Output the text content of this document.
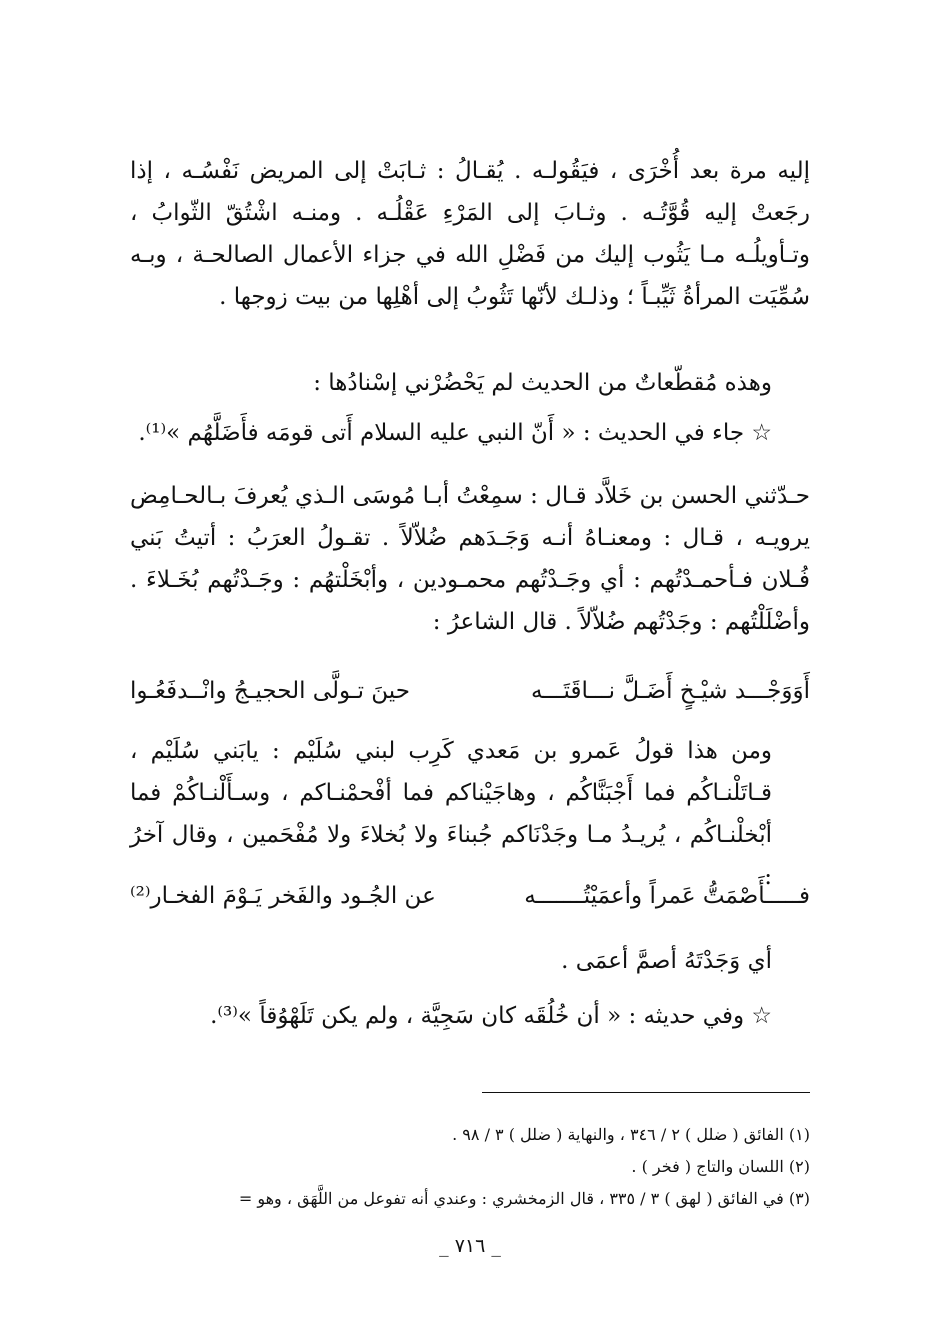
إليه مرة بعد أُخْرَى ، فيَقُولـه . يُقـالُ : ثـابَتْ إلى المريض نَفْسُـه ، إذا رجَعتْ إليه قُوَّتُـه . وثـابَ إلى المَرْءِ عَقْلُـه . ومنـه اشْتُقّ الثّوابُ ، وتـأويلُـه مـا يَثُوب إليك من فَضْلِ الله في جزاء الأعمال الصالحـة ، وبـه سُمِّيَت المرأةُ ثَيِّبـاً ؛ وذلـك لأنّها تَثُوبُ إلى أهْلِها من بيت زوجها .

وهذه مُقطّعاتٌ من الحديث لم يَحْضُرْني إسْنادُها :

☆ جاء في الحديث : « أَنّ النبي عليه السلام أَتى قومَه فأَضَلَّهُم »⁽¹⁾.

حـدّثني الحسن بن خَلاَّد قـال : سمِعْتُ أبـا مُوسَى الـذي يُعرفَ بـالحـامِض يرويـه ، قـال : ومعنـاهُ أنـه وَجَـدَهم ضُلاّلاً . تقـولُ العرَبُ : أتيتُ بَني فُـلان فـأحمـدْتُهم : أي وجَـدْتُهم محمـودين ، وأبْخَلْتهُم : وجَـدْتُهم بُخَـلاءَ . وأضْلَلْتُهم : وجَدْتُهم ضُلاّلاً . قال الشاعرُ :

أَوَوَجْـــد شيْـخٍ أَضَـلَّ نـــاقَتَـــه
حينَ تـولَّى الحجيـجُ وانْــدفَعُـوا

ومن هذا قولُ عَمرو بن مَعدي كَرِب لبني سُلَيْم : يابَني سُلَيْم ، قـاتَلْنـاكُم فما أَجْبَنَّاكُم ، وهاجَيْناكم فما أفْحمْنـاكم ، وسـأَلْنـاكُمْ فما أبْخلْنـاكُم ، يُريـدُ مـا وجَدْنَاكم جُبناءَ ولا بُخلاءَ ولا مُفْحَمين ، وقال آخرُ :

فـــــأَصْمَتُّ عَمراً وأعمَيْتُـــــــه
عن الجُـود والفَخر يَـوْمَ الفخـار⁽²⁾

أي وَجَدْتَهُ أصمَّ أعمَى .

☆ وفي حديثه : « أن خُلُقَه كان سَجِيَّة ، ولم يكن تَلَهْوُقاً »⁽³⁾.

(١) الفائق ( ضلل ) ٢ / ٣٤٦ ، والنهاية ( ضلل ) ٣ / ٩٨ .

(٢) اللسان والتاج ( فخر ) .

(٣) في الفائق ( لهق ) ٣ / ٣٣٥ ، قال الزمخشري : وعندي أنه تفوعل من اللَّهَق ، وهو =

_ ٧١٦ _
